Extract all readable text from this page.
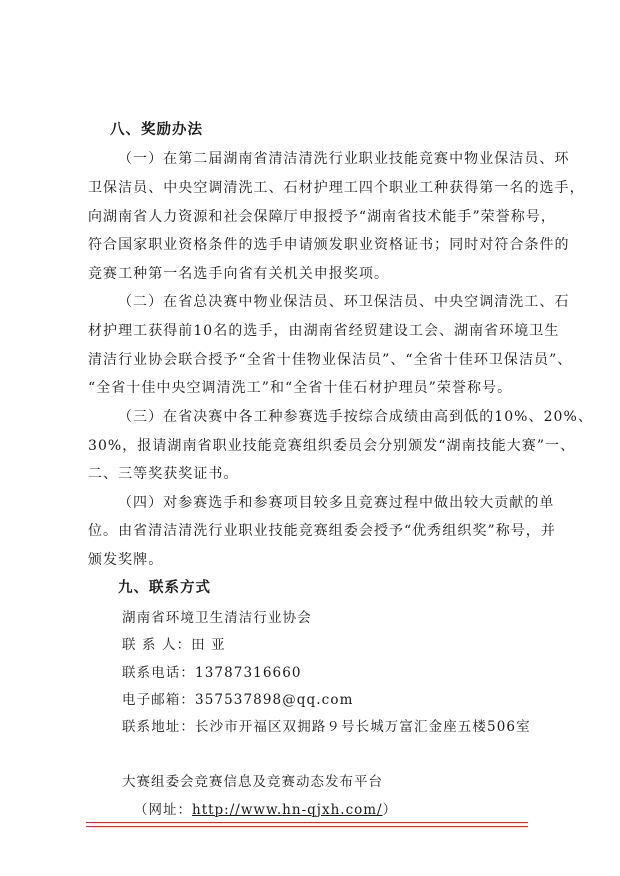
八、奖励办法
（一）在第二届湖南省清洁清洗行业职业技能竞赛中物业保洁员、环
卫保洁员、中央空调清洗工、石材护理工四个职业工种获得第一名的选手，
向湖南省人力资源和社会保障厅申报授予“湖南省技术能手”荣誉称号，
符合国家职业资格条件的选手申请颁发职业资格证书；同时对符合条件的
竞赛工种第一名选手向省有关机关申报奖项。
（二）在省总决赛中物业保洁员、环卫保洁员、中央空调清洗工、石
材护理工获得前10名的选手，由湖南省经贸建设工会、湖南省环境卫生
清洁行业协会联合授予“全省十佳物业保洁员”、“全省十佳环卫保洁员”、
“全省十佳中央空调清洗工”和“全省十佳石材护理员”荣誉称号。
（三）在省决赛中各工种参赛选手按综合成绩由高到低的10%、20%、
30%，报请湖南省职业技能竞赛组织委员会分别颁发“湖南技能大赛”一、
二、三等奖获奖证书。
（四）对参赛选手和参赛项目较多且竞赛过程中做出较大贡献的单
位。由省清洁清洗行业职业技能竞赛组委会授予“优秀组织奖”称号，并
颁发奖牌。
九、联系方式
湖南省环境卫生清洁行业协会
联 系 人：田 亚
联系电话：13787316660
电子邮箱：357537898@qq.com
联系地址：长沙市开福区双拥路９号长城万富汇金座五楼506室
大赛组委会竞赛信息及竞赛动态发布平台
（网址：http://www.hn-qjxh.com/）
